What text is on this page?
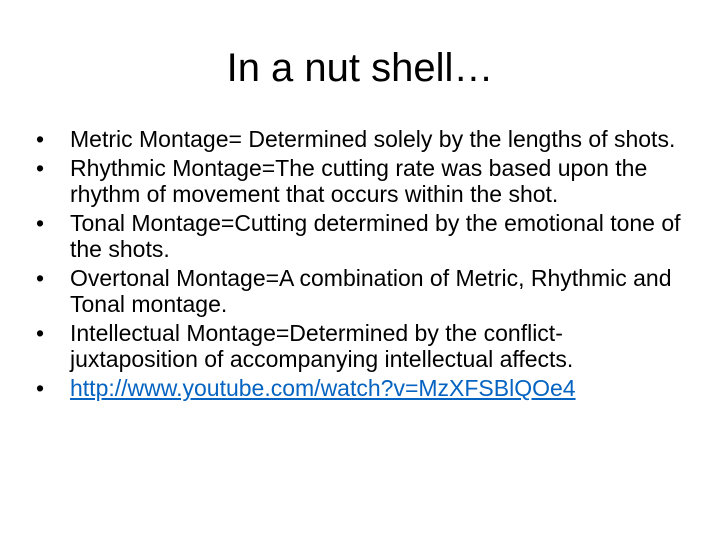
In a nut shell…
•	Metric Montage= Determined solely by the lengths of shots.
•	Rhythmic Montage=The cutting rate was based upon the rhythm of movement that occurs within the shot.
•	Tonal Montage=Cutting determined by the emotional tone of the shots.
•	Overtonal Montage=A combination of Metric, Rhythmic and Tonal montage.
•	Intellectual Montage=Determined by the conflict-juxtaposition of accompanying intellectual affects.
•	http://www.youtube.com/watch?v=MzXFSBlQOe4
